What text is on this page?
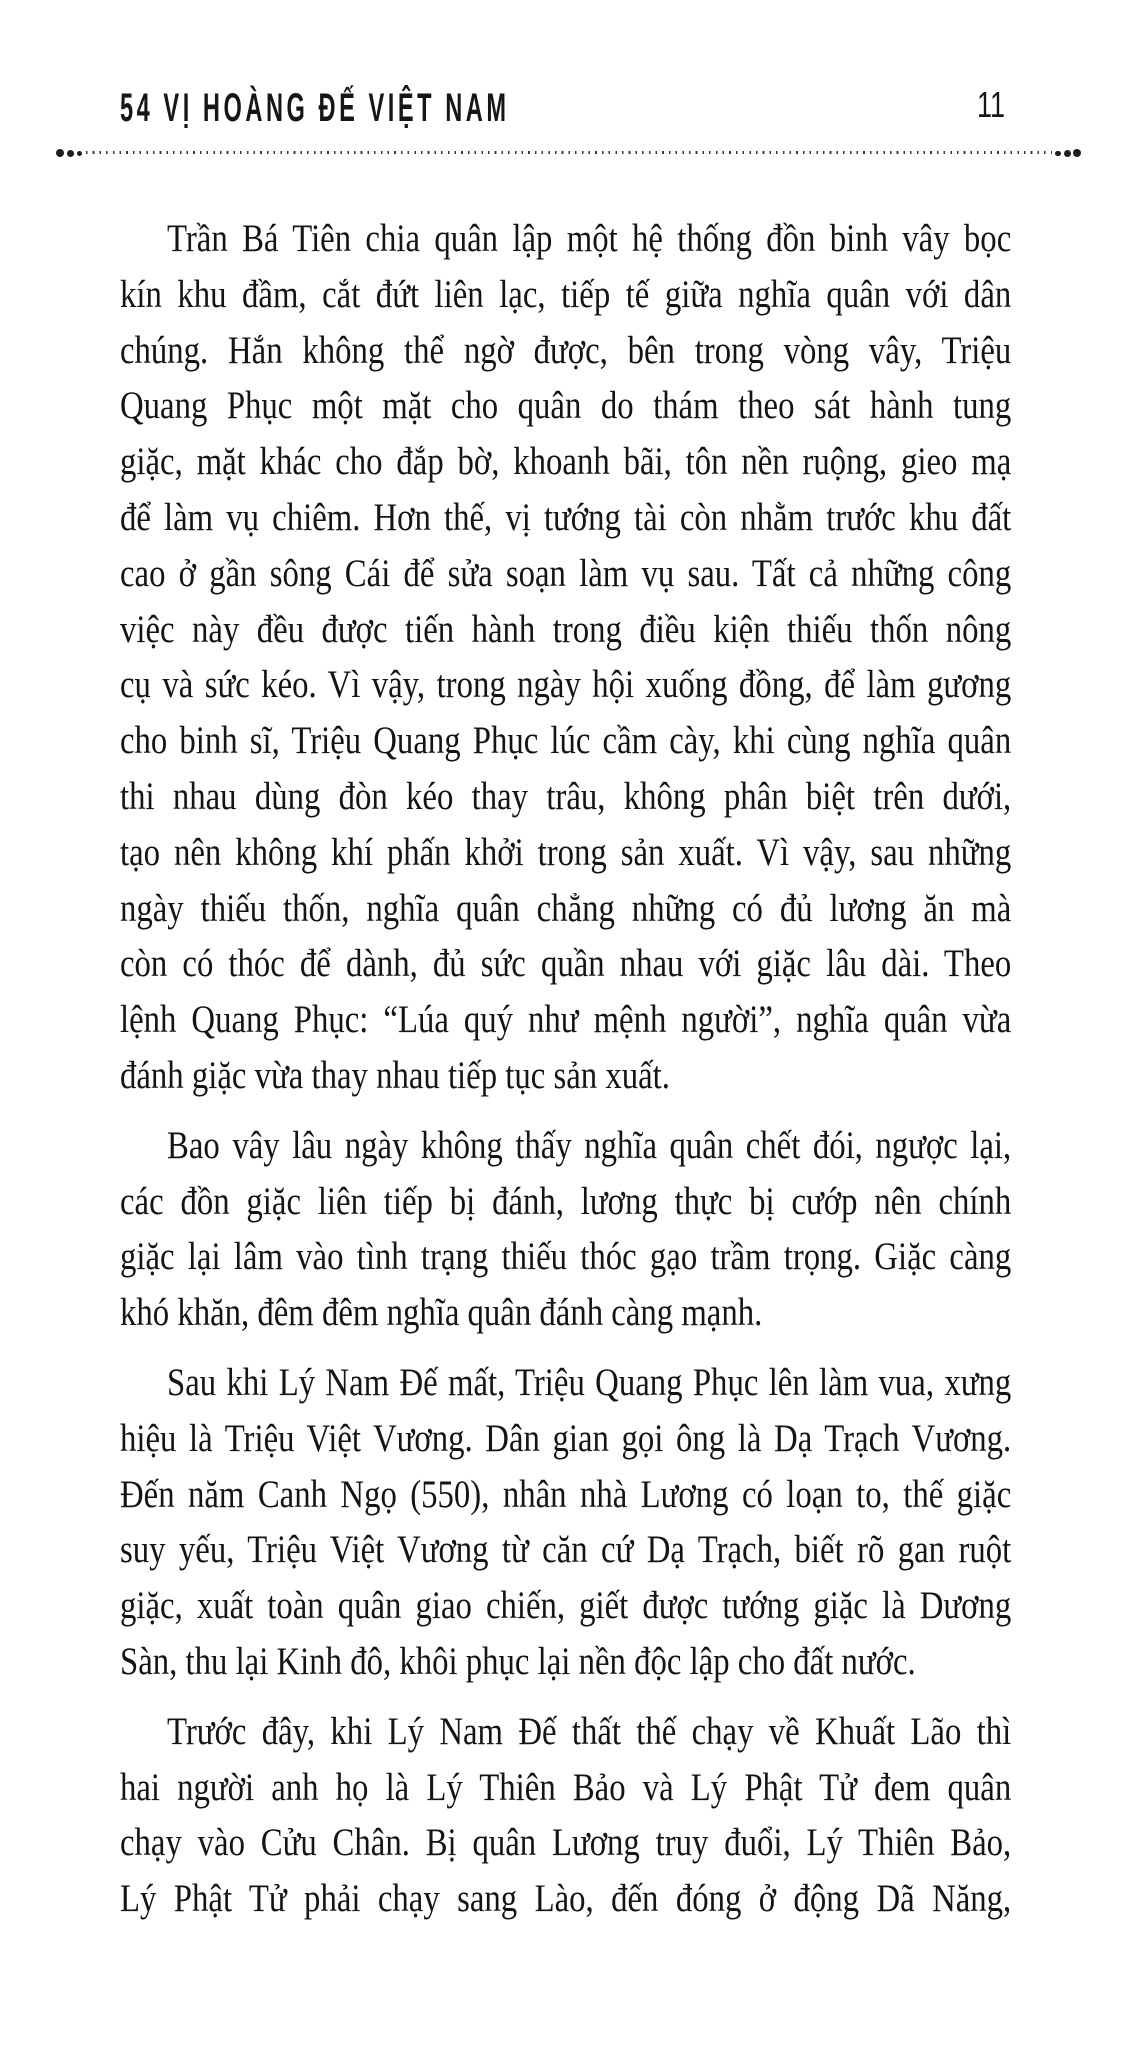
54 VỊ HOÀNG ĐẾ VIỆT NAM	11
Trần Bá Tiên chia quân lập một hệ thống đồn binh vây bọc
kín khu đầm, cắt đứt liên lạc, tiếp tế giữa nghĩa quân với dân
chúng. Hắn không thể ngờ được, bên trong vòng vây, Triệu
Quang Phục một mặt cho quân do thám theo sát hành tung
giặc, mặt khác cho đắp bờ, khoanh bãi, tôn nền ruộng, gieo mạ
để làm vụ chiêm. Hơn thế, vị tướng tài còn nhằm trước khu đất
cao ở gần sông Cái để sửa soạn làm vụ sau. Tất cả những công
việc này đều được tiến hành trong điều kiện thiếu thốn nông
cụ và sức kéo. Vì vậy, trong ngày hội xuống đồng, để làm gương
cho binh sĩ, Triệu Quang Phục lúc cầm cày, khi cùng nghĩa quân
thi nhau dùng đòn kéo thay trâu, không phân biệt trên dưới,
tạo nên không khí phấn khởi trong sản xuất. Vì vậy, sau những
ngày thiếu thốn, nghĩa quân chẳng những có đủ lương ăn mà
còn có thóc để dành, đủ sức quần nhau với giặc lâu dài. Theo
lệnh Quang Phục: “Lúa quý như mệnh người”, nghĩa quân vừa
đánh giặc vừa thay nhau tiếp tục sản xuất.
Bao vây lâu ngày không thấy nghĩa quân chết đói, ngược lại,
các đồn giặc liên tiếp bị đánh, lương thực bị cướp nên chính
giặc lại lâm vào tình trạng thiếu thóc gạo trầm trọng. Giặc càng
khó khăn, đêm đêm nghĩa quân đánh càng mạnh.
Sau khi Lý Nam Đế mất, Triệu Quang Phục lên làm vua, xưng
hiệu là Triệu Việt Vương. Dân gian gọi ông là Dạ Trạch Vương.
Đến năm Canh Ngọ (550), nhân nhà Lương có loạn to, thế giặc
suy yếu, Triệu Việt Vương từ căn cứ Dạ Trạch, biết rõ gan ruột
giặc, xuất toàn quân giao chiến, giết được tướng giặc là Dương
Sàn, thu lại Kinh đô, khôi phục lại nền độc lập cho đất nước.
Trước đây, khi Lý Nam Đế thất thế chạy về Khuất Lão thì
hai người anh họ là Lý Thiên Bảo và Lý Phật Tử đem quân
chạy vào Cửu Chân. Bị quân Lương truy đuổi, Lý Thiên Bảo,
Lý Phật Tử phải chạy sang Lào, đến đóng ở động Dã Năng,
